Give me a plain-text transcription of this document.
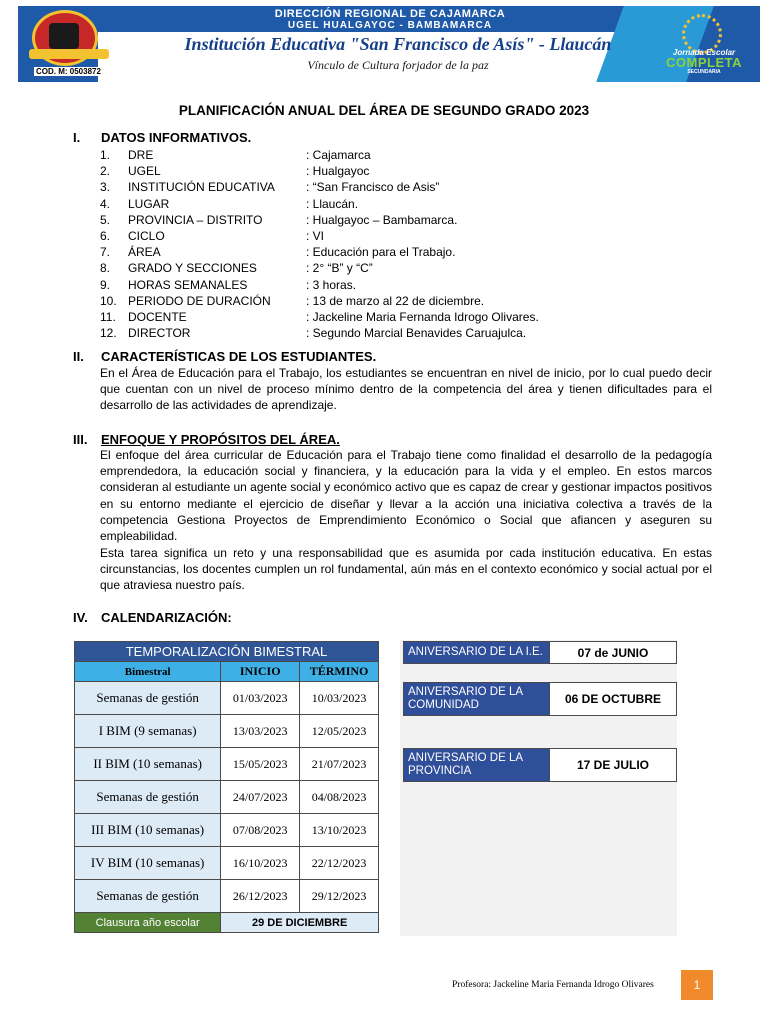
COD. M: 0503872
DIRECCIÓN REGIONAL DE CAJAMARCA
UGEL HUALGAYOC - BAMBAMARCA
Institución Educativa "San Francisco de Asís" - Llaucán
Vínculo de Cultura forjador de la paz
Jornada Escolar
COMPLETA
SECUNDARIA
PLANIFICACIÓN ANUAL DEL ÁREA DE SEGUNDO GRADO 2023
I. DATOS INFORMATIVOS.
1.	DRE	: Cajamarca
2.	UGEL	: Hualgayoc
3.	INSTITUCIÓN EDUCATIVA	: “San Francisco de Asis”
4.	LUGAR	: Llaucán.
5.	PROVINCIA – DISTRITO	: Hualgayoc – Bambamarca.
6.	CICLO	: VI
7.	ÁREA	: Educación para el Trabajo.
8.	GRADO Y SECCIONES	: 2° “B” y “C”
9.	HORAS SEMANALES	: 3 horas.
10. PERIODO DE DURACIÓN	: 13 de marzo al 22 de diciembre.
11.	DOCENTE	: Jackeline Maria Fernanda Idrogo Olivares.
12. DIRECTOR	: Segundo Marcial Benavides Caruajulca.
II. CARACTERÍSTICAS DE LOS ESTUDIANTES.
En el Área de Educación para el Trabajo, los estudiantes se encuentran en nivel de inicio, por lo cual puedo decir que cuentan con un nivel de proceso mínimo dentro de la competencia del área y tienen dificultades para el desarrollo de las actividades de aprendizaje.
III. ENFOQUE Y PROPÓSITOS DEL ÁREA.
El enfoque del área curricular de Educación para el Trabajo tiene como finalidad el desarrollo de la pedagogía emprendedora, la educación social y financiera, y la educación para la vida y el empleo. En estos marcos consideran al estudiante un agente social y económico activo que es capaz de crear y gestionar impactos positivos en su entorno mediante el ejercicio de diseñar y llevar a la acción una iniciativa colectiva a través de la competencia Gestiona Proyectos de Emprendimiento Económico o Social que afiancen y aseguren su empleabilidad.
Esta tarea significa un reto y una responsabilidad que es asumida por cada institución educativa. En estas circunstancias, los docentes cumplen un rol fundamental, aún más en el contexto económico y social actual por el que atraviesa nuestro país.
IV. CALENDARIZACIÓN:
TEMPORALIZACIÓN BIMESTRAL		
Bimestral	INICIO	TÉRMINO
Semanas de gestión	01/03/2023	10/03/2023
I BIM (9 semanas)	13/03/2023	12/05/2023
II BIM (10 semanas)	15/05/2023	21/07/2023
Semanas de gestión	24/07/2023	04/08/2023
III BIM (10 semanas)	07/08/2023	13/10/2023
IV BIM (10 semanas)	16/10/2023	22/12/2023
Semanas de gestión	26/12/2023	29/12/2023
Clausura año escolar	29 DE DICIEMBRE	
ANIVERSARIO DE LA I.E.	07 de JUNIO
ANIVERSARIO DE LA COMUNIDAD	06 DE OCTUBRE
ANIVERSARIO DE LA PROVINCIA	17 DE JULIO
Profesora: Jackeline Maria Fernanda Idrogo Olivares	1
